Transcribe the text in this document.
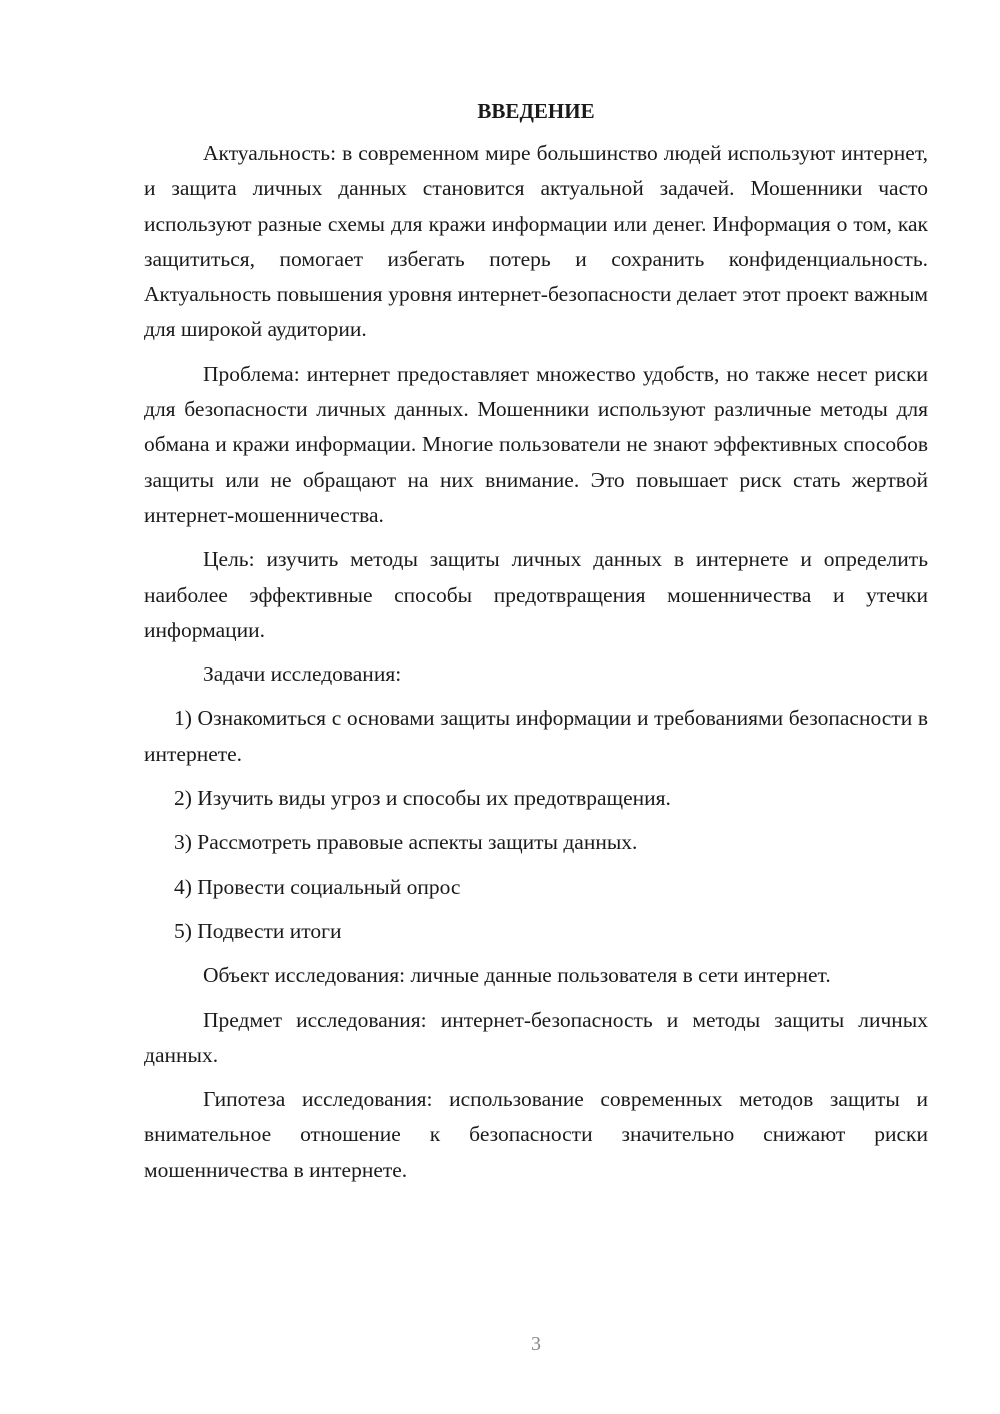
ВВЕДЕНИЕ

Актуальность: в современном мире большинство людей используют интернет, и защита личных данных становится актуальной задачей. Мошенники часто используют разные схемы для кражи информации или денег. Информация о том, как защититься, помогает избегать потерь и сохранить конфиденциальность. Актуальность повышения уровня интернет-безопасности делает этот проект важным для широкой аудитории.

Проблема: интернет предоставляет множество удобств, но также несет риски для безопасности личных данных. Мошенники используют различные методы для обмана и кражи информации. Многие пользователи не знают эффективных способов защиты или не обращают на них внимание. Это повышает риск стать жертвой интернет-мошенничества.

Цель: изучить методы защиты личных данных в интернете и определить наиболее эффективные способы предотвращения мошенничества и утечки информации.

Задачи исследования:

1) Ознакомиться с основами защиты информации и требованиями безопасности в интернете.

2) Изучить виды угроз и способы их предотвращения.

3) Рассмотреть правовые аспекты защиты данных.

4) Провести социальный опрос

5) Подвести итоги

Объект исследования: личные данные пользователя в сети интернет.

Предмет исследования: интернет-безопасность и методы защиты личных данных.

Гипотеза исследования: использование современных методов защиты и внимательное отношение к безопасности значительно снижают риски мошенничества в интернете.

3
